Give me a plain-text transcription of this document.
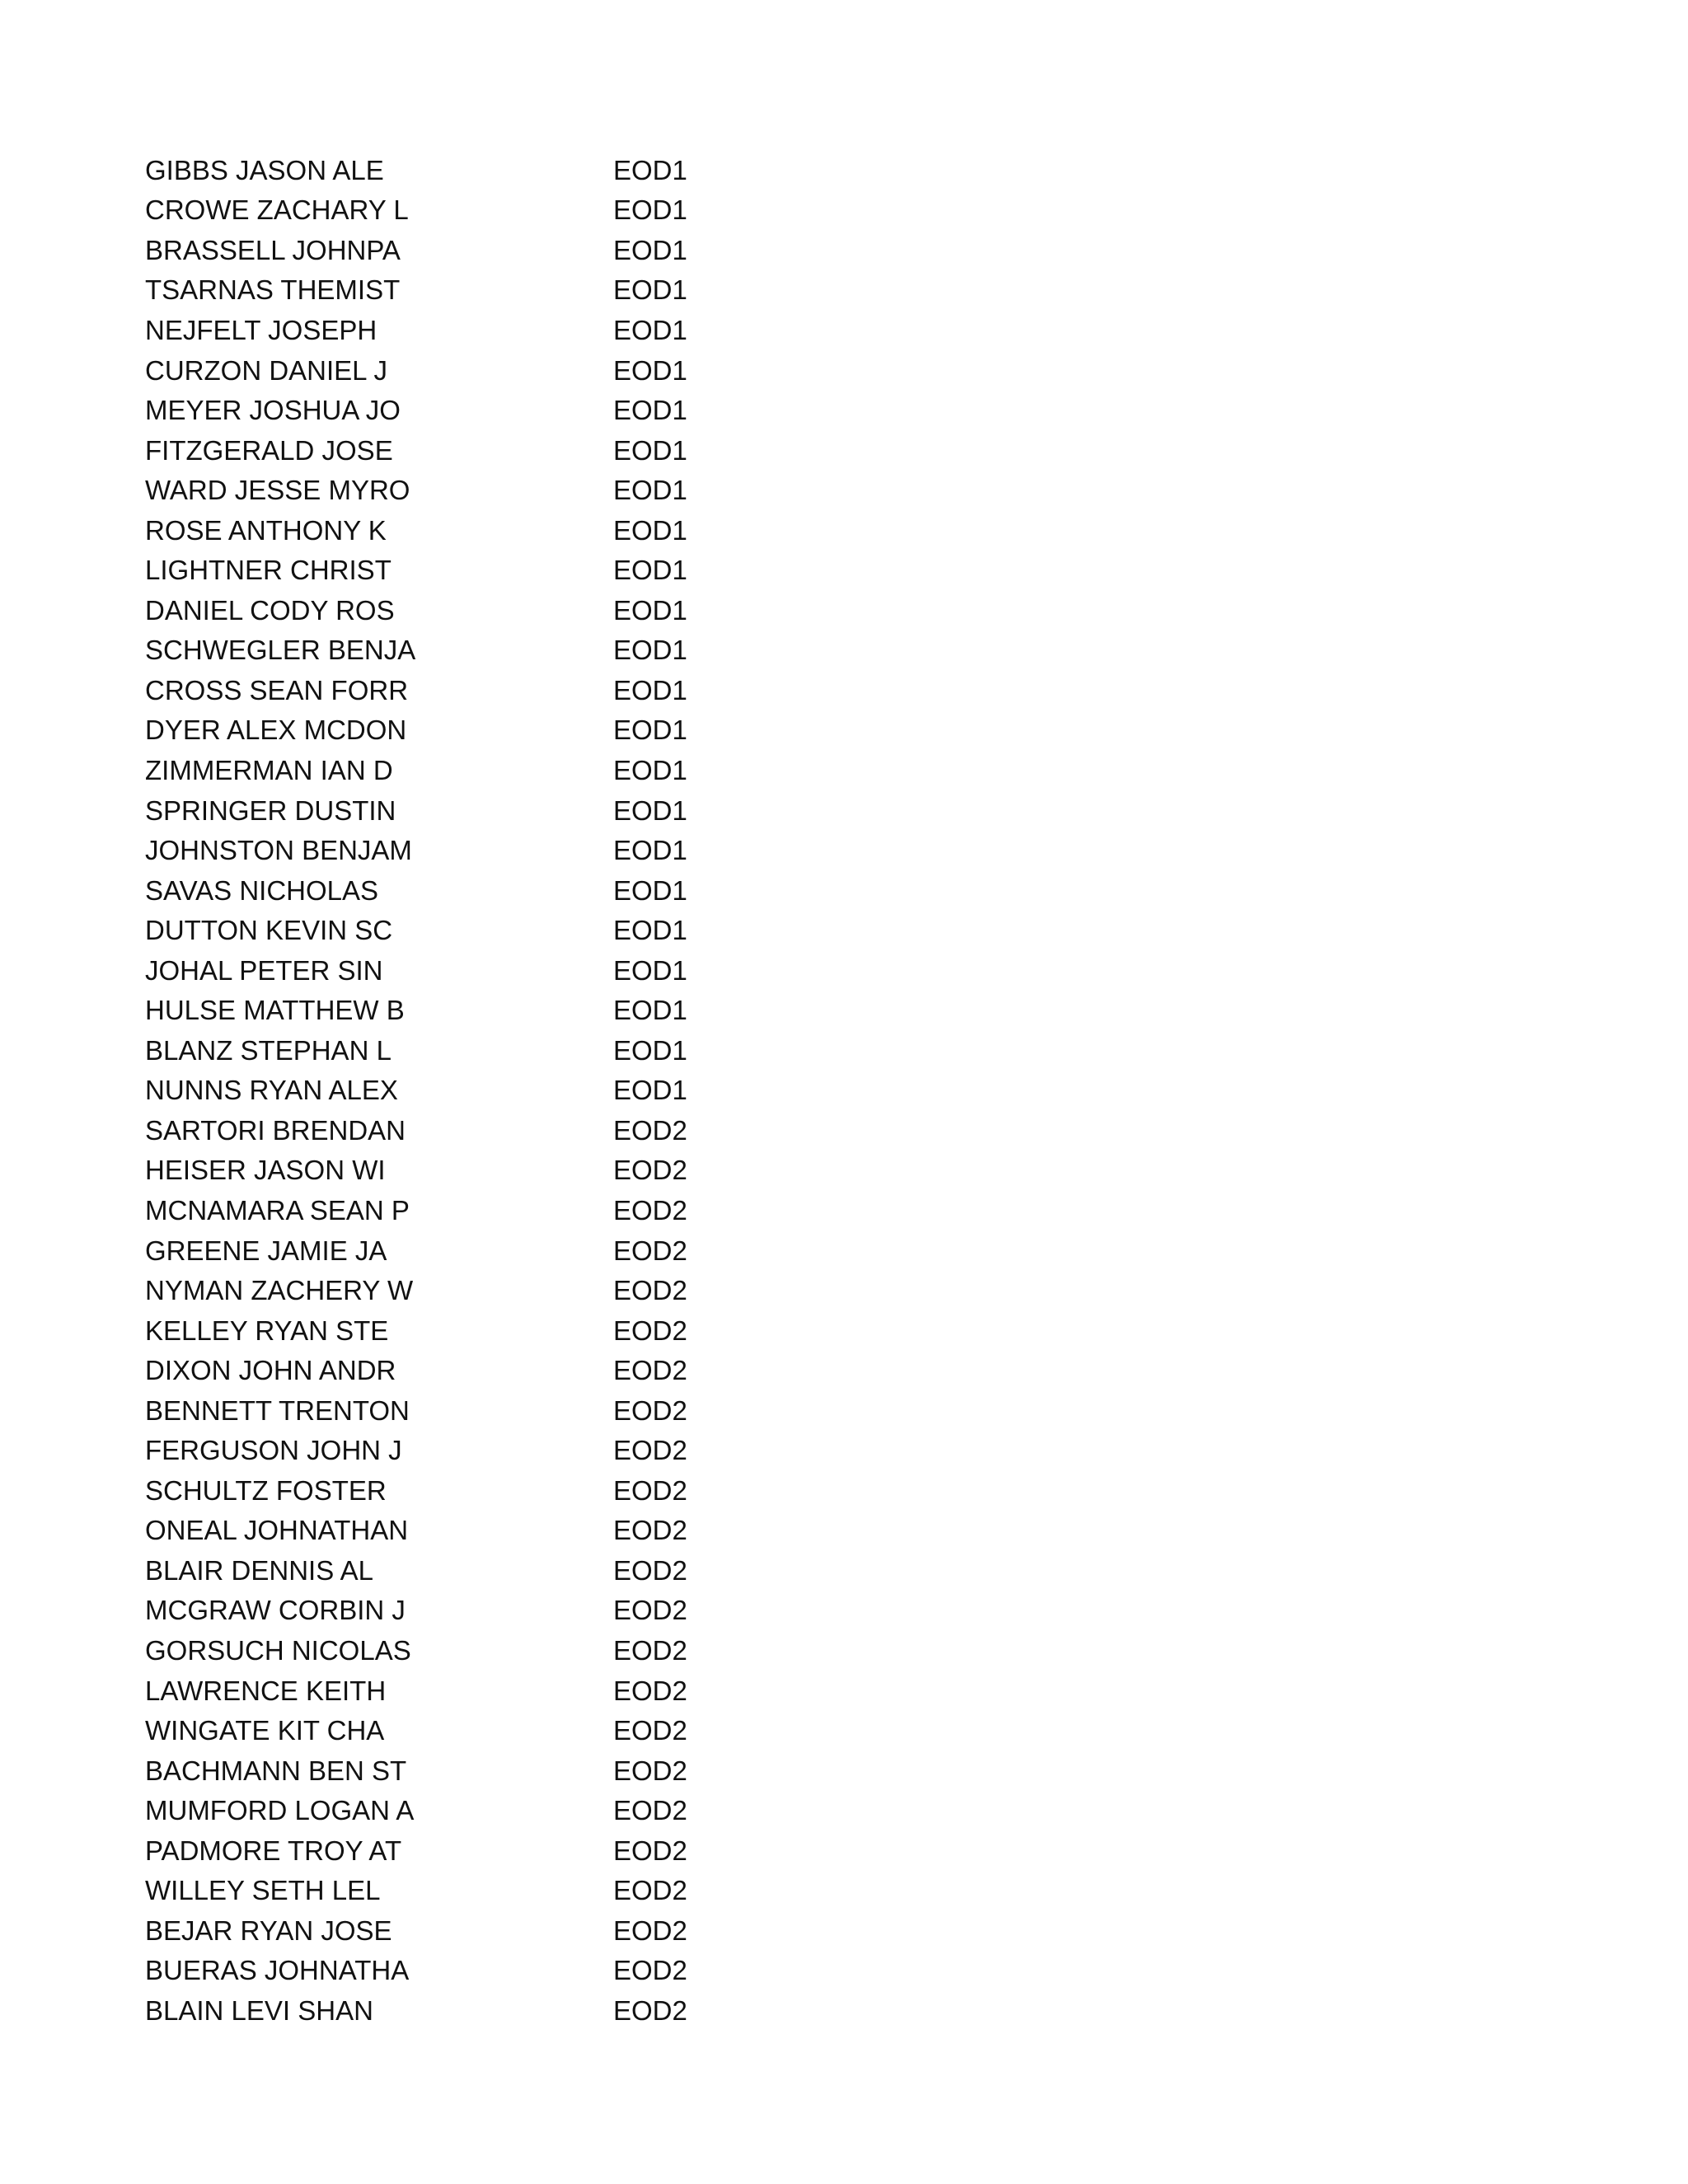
GIBBS JASON ALE	EOD1
CROWE ZACHARY L	EOD1
BRASSELL JOHNPA	EOD1
TSARNAS THEMIST	EOD1
NEJFELT JOSEPH	EOD1
CURZON DANIEL J	EOD1
MEYER JOSHUA JO	EOD1
FITZGERALD JOSE	EOD1
WARD JESSE MYRO	EOD1
ROSE ANTHONY K	EOD1
LIGHTNER CHRIST	EOD1
DANIEL CODY ROS	EOD1
SCHWEGLER BENJA	EOD1
CROSS SEAN FORR	EOD1
DYER ALEX MCDON	EOD1
ZIMMERMAN IAN D	EOD1
SPRINGER DUSTIN	EOD1
JOHNSTON BENJAM	EOD1
SAVAS NICHOLAS	EOD1
DUTTON KEVIN SC	EOD1
JOHAL PETER SIN	EOD1
HULSE MATTHEW B	EOD1
BLANZ STEPHAN L	EOD1
NUNNS RYAN ALEX	EOD1
SARTORI BRENDAN	EOD2
HEISER JASON WI	EOD2
MCNAMARA SEAN P	EOD2
GREENE JAMIE JA	EOD2
NYMAN ZACHERY W	EOD2
KELLEY RYAN STE	EOD2
DIXON JOHN ANDR	EOD2
BENNETT TRENTON	EOD2
FERGUSON JOHN J	EOD2
SCHULTZ FOSTER	EOD2
ONEAL JOHNATHAN	EOD2
BLAIR DENNIS AL	EOD2
MCGRAW CORBIN J	EOD2
GORSUCH NICOLAS	EOD2
LAWRENCE KEITH	EOD2
WINGATE KIT CHA	EOD2
BACHMANN BEN ST	EOD2
MUMFORD LOGAN A	EOD2
PADMORE TROY AT	EOD2
WILLEY SETH LEL	EOD2
BEJAR RYAN JOSE	EOD2
BUERAS JOHNATHA	EOD2
BLAIN LEVI SHAN	EOD2
